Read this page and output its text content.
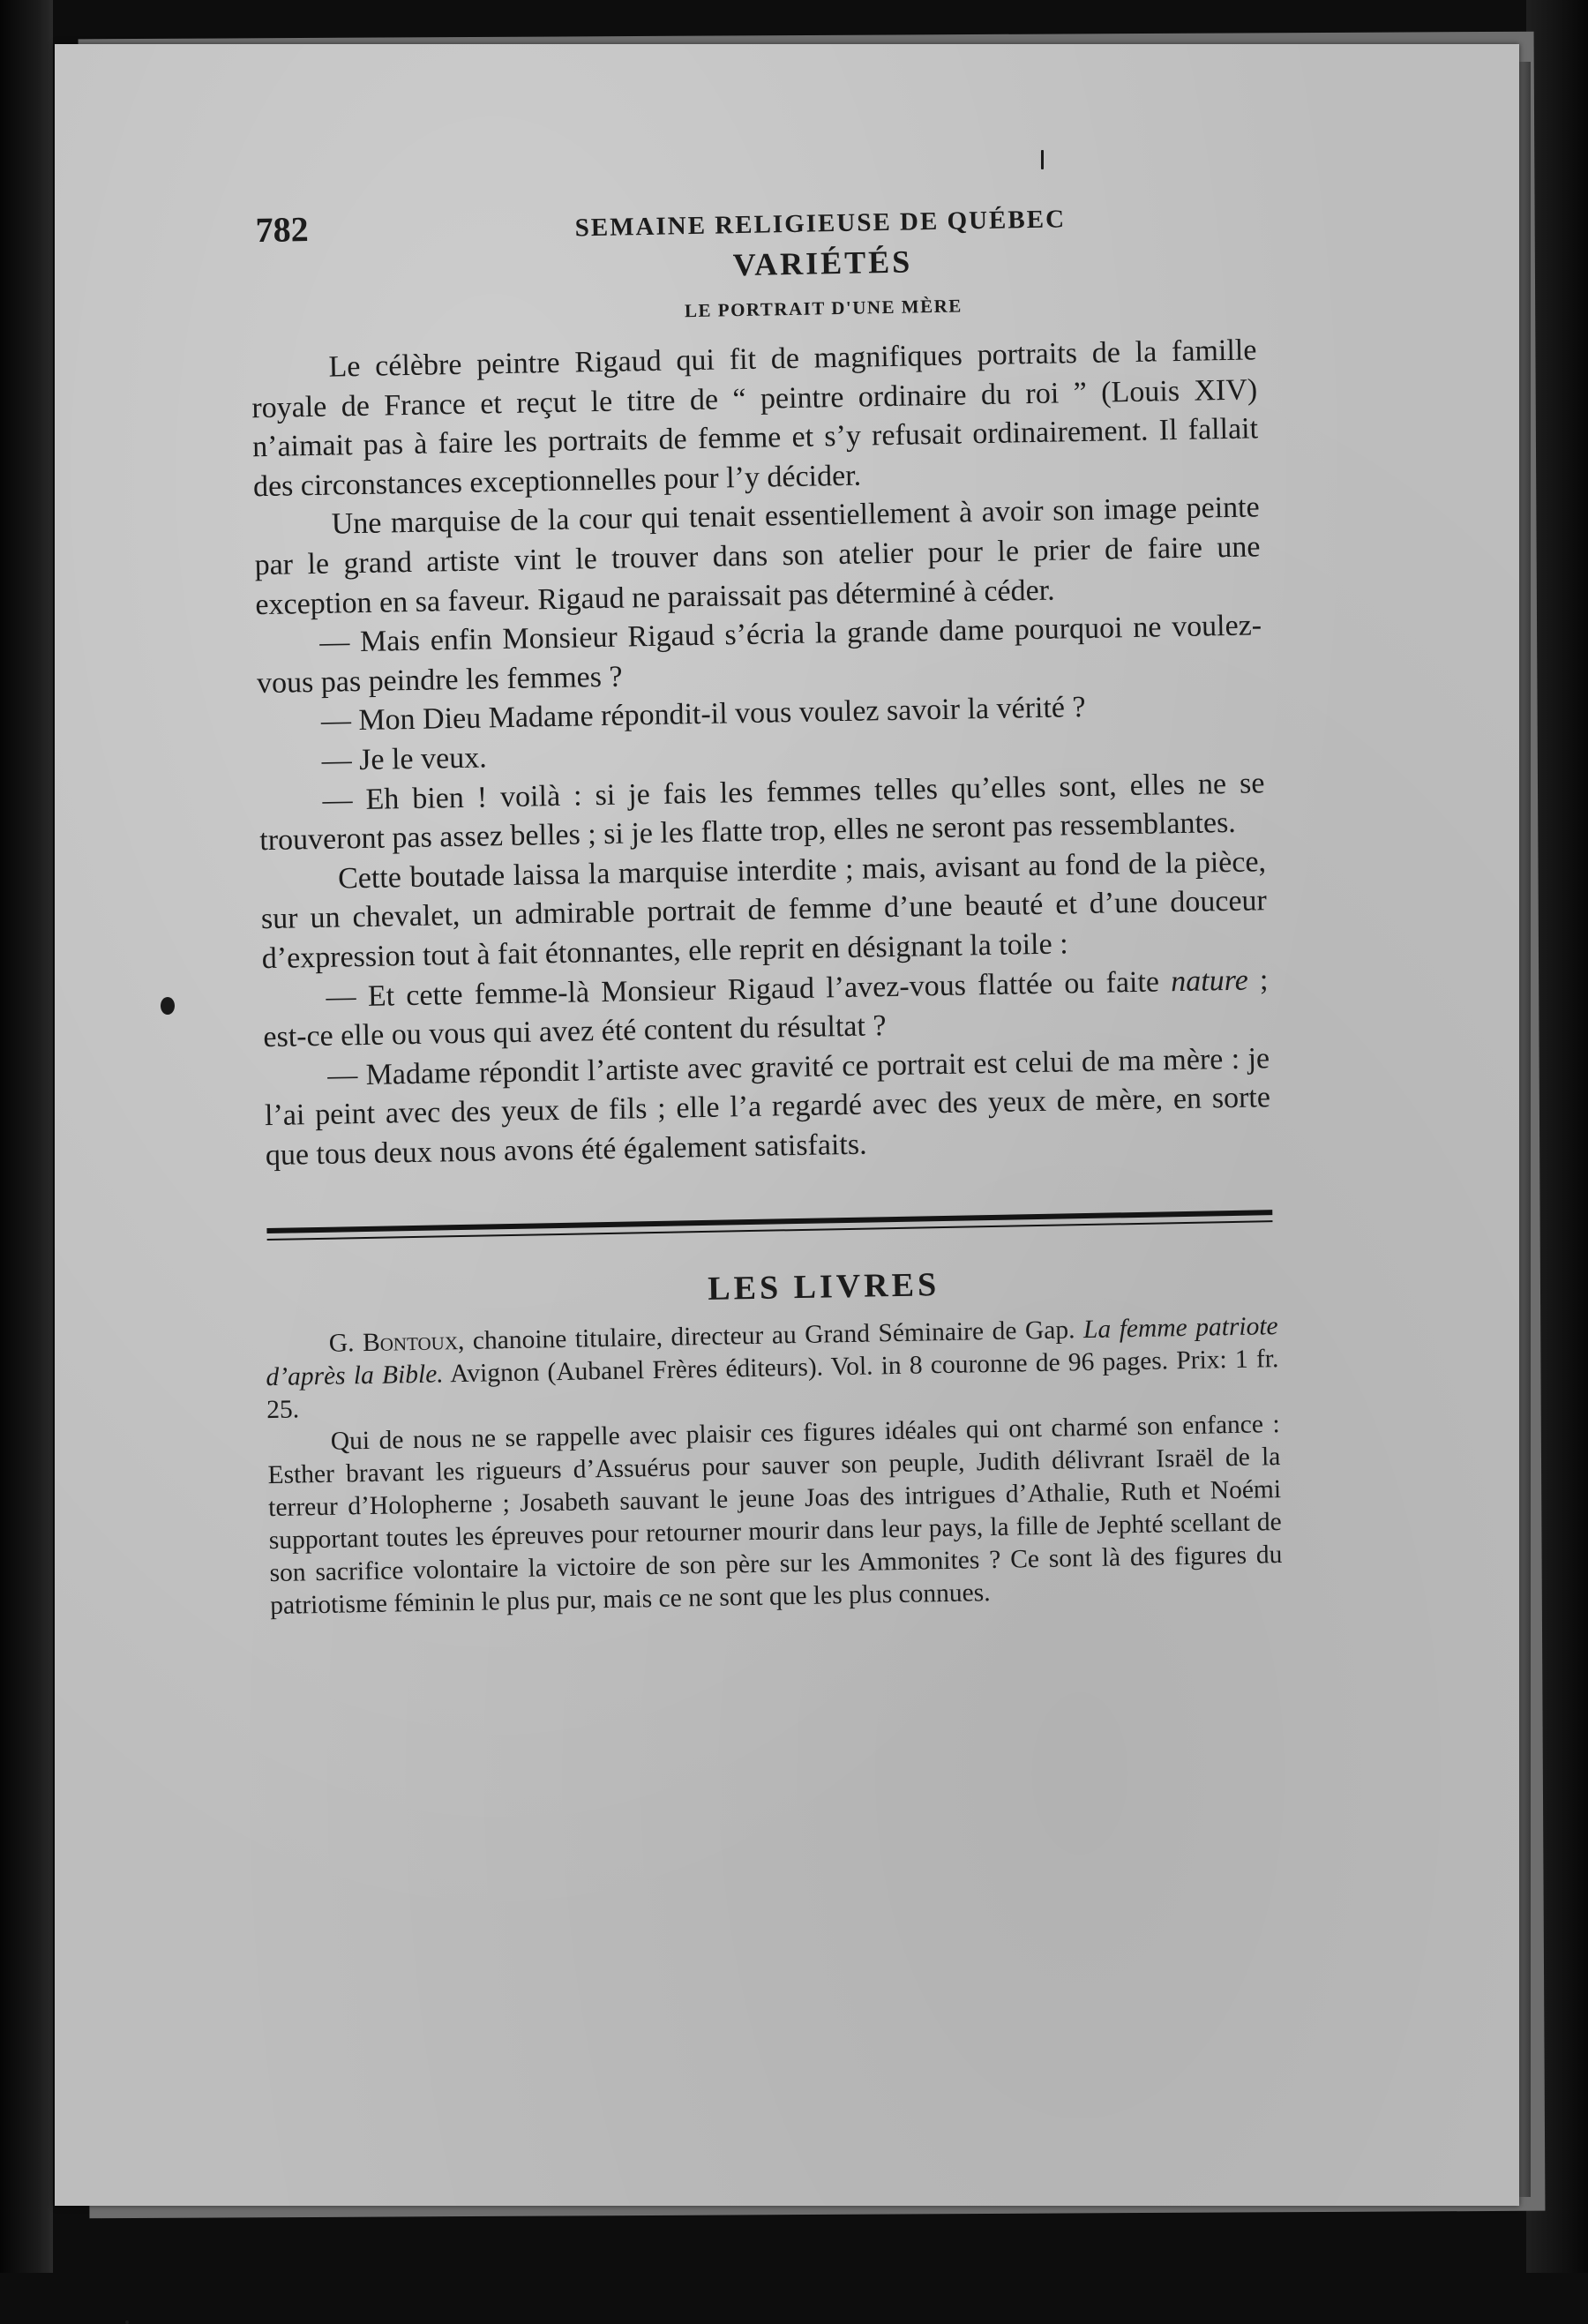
782	SEMAINE RELIGIEUSE DE QUÉBEC
VARIÉTÉS
LE PORTRAIT D'UNE MÈRE

Le célèbre peintre Rigaud qui fit de magnifiques portraits de la famille royale de France et reçut le titre de “ peintre ordinaire du roi ” (Louis XIV) n’aimait pas à faire les portraits de femme et s’y refusait ordinairement. Il fallait des circonstances exceptionnelles pour l’y décider.

Une marquise de la cour qui tenait essentiellement à avoir son image peinte par le grand artiste vint le trouver dans son atelier pour le prier de faire une exception en sa faveur. Rigaud ne paraissait pas déterminé à céder.

— Mais enfin Monsieur Rigaud s’écria la grande dame pourquoi ne voulez-vous pas peindre les femmes ?

— Mon Dieu Madame répondit-il vous voulez savoir la vérité ?

— Je le veux.

— Eh bien ! voilà : si je fais les femmes telles qu’elles sont, elles ne se trouveront pas assez belles ; si je les flatte trop, elles ne seront pas ressemblantes.

Cette boutade laissa la marquise interdite ; mais, avisant au fond de la pièce, sur un chevalet, un admirable portrait de femme d’une beauté et d’une douceur d’expression tout à fait étonnantes, elle reprit en désignant la toile :

— Et cette femme-là Monsieur Rigaud l’avez-vous flattée ou faite nature ; est-ce elle ou vous qui avez été content du résultat ?

— Madame répondit l’artiste avec gravité ce portrait est celui de ma mère : je l’ai peint avec des yeux de fils ; elle l’a regardé avec des yeux de mère, en sorte que tous deux nous avons été également satisfaits.

LES LIVRES

G. Bontoux, chanoine titulaire, directeur au Grand Séminaire de Gap. La femme patriote d’après la Bible. Avignon (Aubanel Frères éditeurs). Vol. in 8 couronne de 96 pages. Prix: 1 fr. 25.

Qui de nous ne se rappelle avec plaisir ces figures idéales qui ont charmé son enfance : Esther bravant les rigueurs d’Assuérus pour sauver son peuple, Judith délivrant Israël de la terreur d’Holopherne ; Josabeth sauvant le jeune Joas des intrigues d’Athalie, Ruth et Noémi supportant toutes les épreuves pour retourner mourir dans leur pays, la fille de Jephté scellant de son sacrifice volontaire la victoire de son père sur les Ammonites ? Ce sont là des figures du patriotisme féminin le plus pur, mais ce ne sont que les plus connues.
